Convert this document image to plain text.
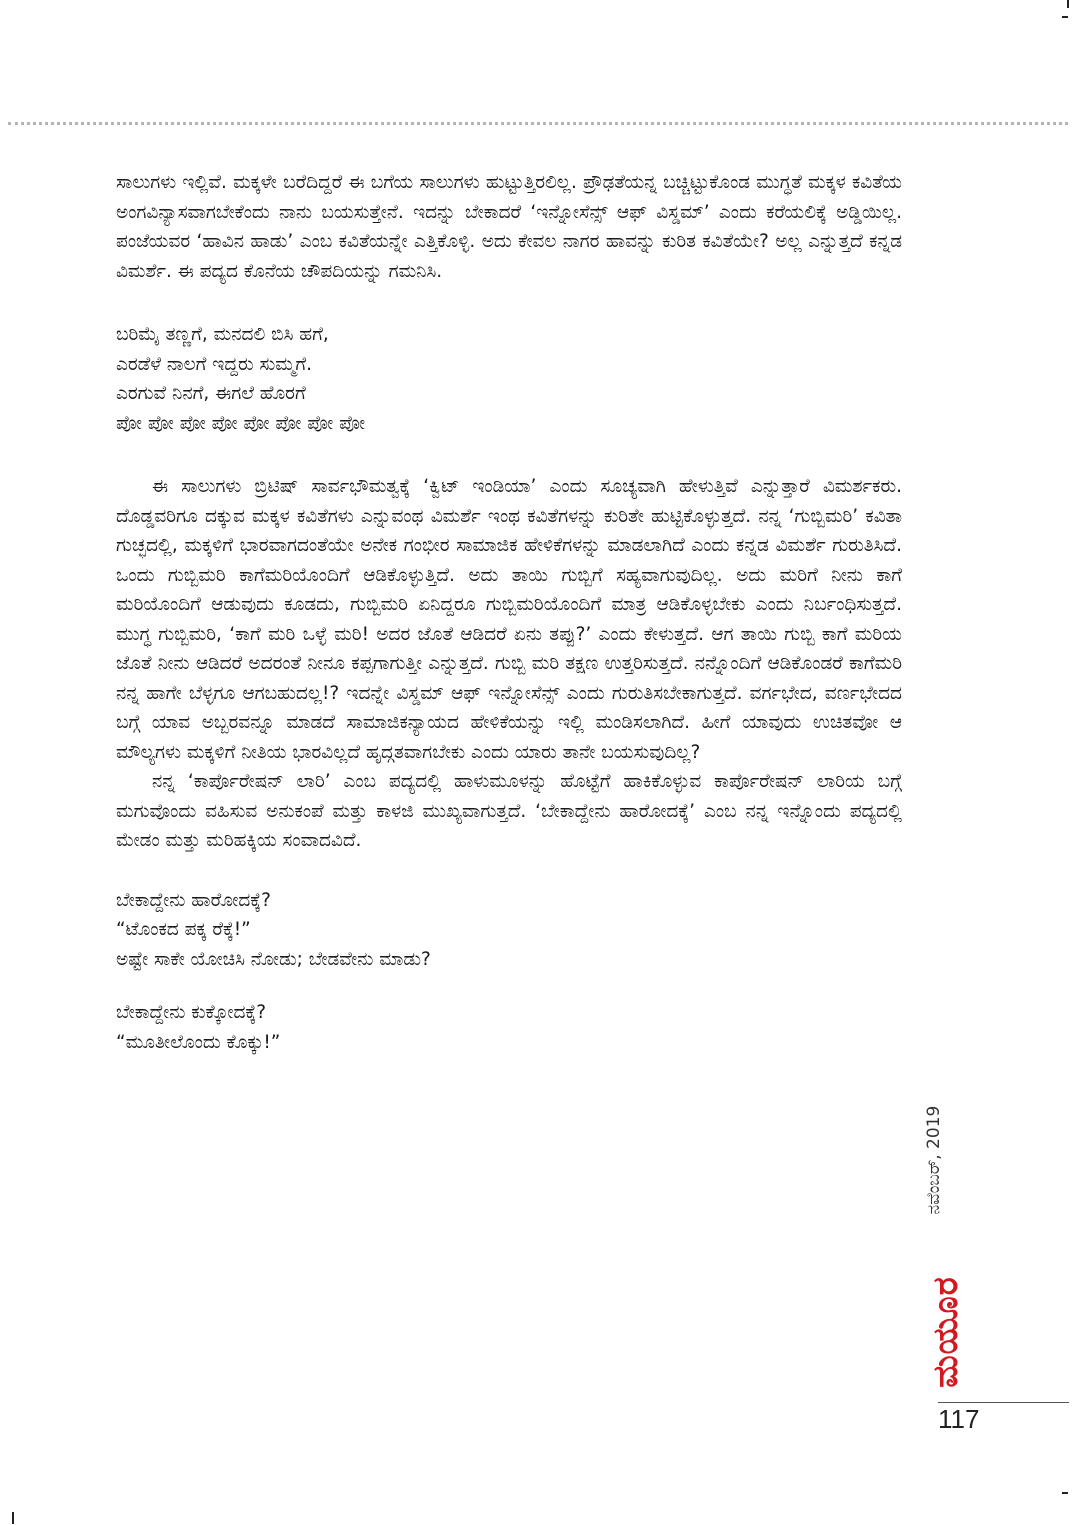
ಸಾಲುಗಳು ಇಲ್ಲಿವೆ. ಮಕ್ಕಳೇ ಬರೆದಿದ್ದರೆ ಈ ಬಗೆಯ ಸಾಲುಗಳು ಹುಟ್ಟುತ್ತಿರಲಿಲ್ಲ. ಪ್ರೌಢತೆಯನ್ನ ಬಚ್ಚಿಟ್ಟುಕೊಂಡ ಮುಗ್ಧತೆ ಮಕ್ಕಳ ಕವಿತೆಯ ಅಂಗವಿನ್ಯಾಸವಾಗಬೇಕೆಂದು ನಾನು ಬಯಸುತ್ತೇನೆ. ಇದನ್ನು ಬೇಕಾದರೆ ‘ಇನ್ನೋಸೆನ್ಸ್ ಆಫ್ ವಿಸ್ಡಮ್’ ಎಂದು ಕರೆಯಲಿಕ್ಕೆ ಅಡ್ಡಿಯಿಲ್ಲ. ಪಂಜೆಯವರ ‘ಹಾವಿನ ಹಾಡು’ ಎಂಬ ಕವಿತೆಯನ್ನೇ ಎತ್ತಿಕೊಳ್ಳಿ. ಅದು ಕೇವಲ ನಾಗರ ಹಾವನ್ನು ಕುರಿತ ಕವಿತೆಯೇ? ಅಲ್ಲ ಎನ್ನುತ್ತದೆ ಕನ್ನಡ ವಿಮರ್ಶೆ. ಈ ಪದ್ಯದ ಕೊನೆಯ ಚೌಪದಿಯನ್ನು ಗಮನಿಸಿ.

ಬರಿಮೈ ತಣ್ಣಗೆ, ಮನದಲಿ ಬಿಸಿ ಹಗೆ,
ಎರಡೆಳೆ ನಾಲಗೆ ಇದ್ದರು ಸುಮ್ಮಗೆ.
ಎರಗುವೆ ನಿನಗೆ, ಈಗಲೆ ಹೊರಗೆ
ಪೋ ಪೋ ಪೋ ಪೋ ಪೋ ಪೋ ಪೋ ಪೋ

ಈ ಸಾಲುಗಳು ಬ್ರಿಟಿಷ್ ಸಾರ್ವಭೌಮತ್ವಕ್ಕೆ ‘ಕ್ವಿಟ್ ಇಂಡಿಯಾ’ ಎಂದು ಸೂಚ್ಯವಾಗಿ ಹೇಳುತ್ತಿವೆ ಎನ್ನುತ್ತಾರೆ ವಿಮರ್ಶಕರು. ದೊಡ್ಡವರಿಗೂ ದಕ್ಕುವ ಮಕ್ಕಳ ಕವಿತೆಗಳು ಎನ್ನುವಂಥ ವಿಮರ್ಶೆ ಇಂಥ ಕವಿತೆಗಳನ್ನು ಕುರಿತೇ ಹುಟ್ಟಿಕೊಳ್ಳುತ್ತದೆ. ನನ್ನ ‘ಗುಬ್ಬಿಮರಿ’ ಕವಿತಾ ಗುಚ್ಛದಲ್ಲಿ, ಮಕ್ಕಳಿಗೆ ಭಾರವಾಗದಂತೆಯೇ ಅನೇಕ ಗಂಭೀರ ಸಾಮಾಜಿಕ ಹೇಳಿಕೆಗಳನ್ನು ಮಾಡಲಾಗಿದೆ ಎಂದು ಕನ್ನಡ ವಿಮರ್ಶೆ ಗುರುತಿಸಿದೆ. ಒಂದು ಗುಬ್ಬಿಮರಿ ಕಾಗೆಮರಿಯೊಂದಿಗೆ ಆಡಿಕೊಳ್ಳುತ್ತಿದೆ. ಅದು ತಾಯಿ ಗುಬ್ಬಿಗೆ ಸಹ್ಯವಾಗುವುದಿಲ್ಲ. ಅದು ಮರಿಗೆ ನೀನು ಕಾಗೆ ಮರಿಯೊಂದಿಗೆ ಆಡುವುದು ಕೂಡದು, ಗುಬ್ಬಿಮರಿ ಏನಿದ್ದರೂ ಗುಬ್ಬಿಮರಿಯೊಂದಿಗೆ ಮಾತ್ರ ಆಡಿಕೊಳ್ಳಬೇಕು ಎಂದು ನಿರ್ಬಂಧಿಸುತ್ತದೆ. ಮುಗ್ಧ ಗುಬ್ಬಿಮರಿ, ‘ಕಾಗೆ ಮರಿ ಒಳ್ಳೆ ಮರಿ! ಅದರ ಜೊತೆ ಆಡಿದರೆ ಏನು ತಪ್ಪು?’ ಎಂದು ಕೇಳುತ್ತದೆ. ಆಗ ತಾಯಿ ಗುಬ್ಬಿ ಕಾಗೆ ಮರಿಯ ಜೊತೆ ನೀನು ಆಡಿದರೆ ಅದರಂತೆ ನೀನೂ ಕಪ್ಪಗಾಗುತ್ತೀ ಎನ್ನುತ್ತದೆ. ಗುಬ್ಬಿ ಮರಿ ತಕ್ಷಣ ಉತ್ತರಿಸುತ್ತದೆ. ನನ್ನೊಂದಿಗೆ ಆಡಿಕೊಂಡರೆ ಕಾಗೆಮರಿ ನನ್ನ ಹಾಗೇ ಬೆಳ್ಳಗೂ ಆಗಬಹುದಲ್ಲ!? ಇದನ್ನೇ ವಿಸ್ಡಮ್ ಆಫ್ ಇನ್ನೋಸೆನ್ಸ್ ಎಂದು ಗುರುತಿಸಬೇಕಾಗುತ್ತದೆ. ವರ್ಗಭೇದ, ವರ್ಣಭೇದದ ಬಗ್ಗೆ ಯಾವ ಅಬ್ಬರವನ್ನೂ ಮಾಡದೆ ಸಾಮಾಜಿಕನ್ಯಾಯದ ಹೇಳಿಕೆಯನ್ನು ಇಲ್ಲಿ ಮಂಡಿಸಲಾಗಿದೆ. ಹೀಗೆ ಯಾವುದು ಉಚಿತವೋ ಆ ಮೌಲ್ಯಗಳು ಮಕ್ಕಳಿಗೆ ನೀತಿಯ ಭಾರವಿಲ್ಲದೆ ಹೃದ್ಗತವಾಗಬೇಕು ಎಂದು ಯಾರು ತಾನೇ ಬಯಸುವುದಿಲ್ಲ?

ನನ್ನ ‘ಕಾರ್ಪೊರೇಷನ್ ಲಾರಿ’ ಎಂಬ ಪದ್ಯದಲ್ಲಿ ಹಾಳುಮೂಳನ್ನು ಹೊಟ್ಟೆಗೆ ಹಾಕಿಕೊಳ್ಳುವ ಕಾರ್ಪೊರೇಷನ್ ಲಾರಿಯ ಬಗ್ಗೆ ಮಗುವೊಂದು ವಹಿಸುವ ಅನುಕಂಪೆ ಮತ್ತು ಕಾಳಜಿ ಮುಖ್ಯವಾಗುತ್ತದೆ. ‘ಬೇಕಾದ್ದೇನು ಹಾರೋದಕ್ಕೆ’ ಎಂಬ ನನ್ನ ಇನ್ನೊಂದು ಪದ್ಯದಲ್ಲಿ ಮೇಡಂ ಮತ್ತು ಮರಿಹಕ್ಕಿಯ ಸಂವಾದವಿದೆ.

ಬೇಕಾದ್ದೇನು ಹಾರೋದಕ್ಕೆ?
“ಟೊಂಕದ ಪಕ್ಕ ರೆಕ್ಕೆ!”
ಅಷ್ಟೇ ಸಾಕೇ ಯೋಚಿಸಿ ನೋಡು; ಬೇಡವೇನು ಮಾಡು?
ಬೇಕಾದ್ದೇನು ಕುಕ್ಕೋದಕ್ಕೆ?
“ಮೂತೀಲೊಂದು ಕೊಕ್ಕು!”
ನವೆಂಬರ್, 2019
ಮಯೂರ
117
